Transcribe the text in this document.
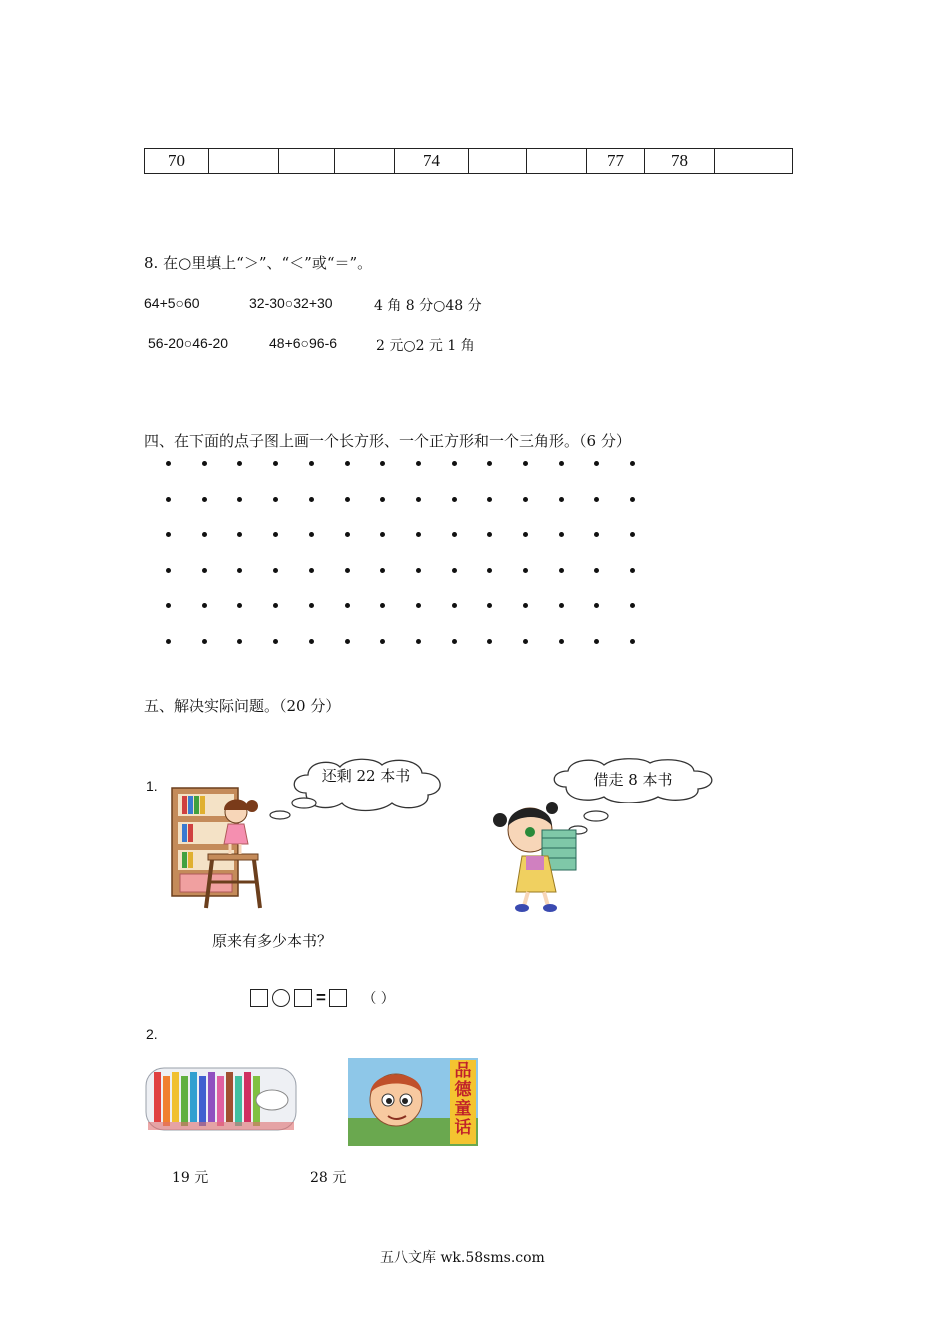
70				74			77	78	
8. 在○里填上“＞”、“＜”或“＝”。
64+5○60	32-30○32+30	4 角 8 分○48 分
56-20○46-20	48+6○96-6	2 元○2 元 1 角
四、在下面的点子图上画一个长方形、一个正方形和一个三角形。（6 分）
五、解决实际问题。（20 分）
1.
还剩 22 本书	借走 8 本书
原来有多少本书？
=	（ ）
2.
品德童话
19 元	28 元
五八文库 wk.58sms.com
